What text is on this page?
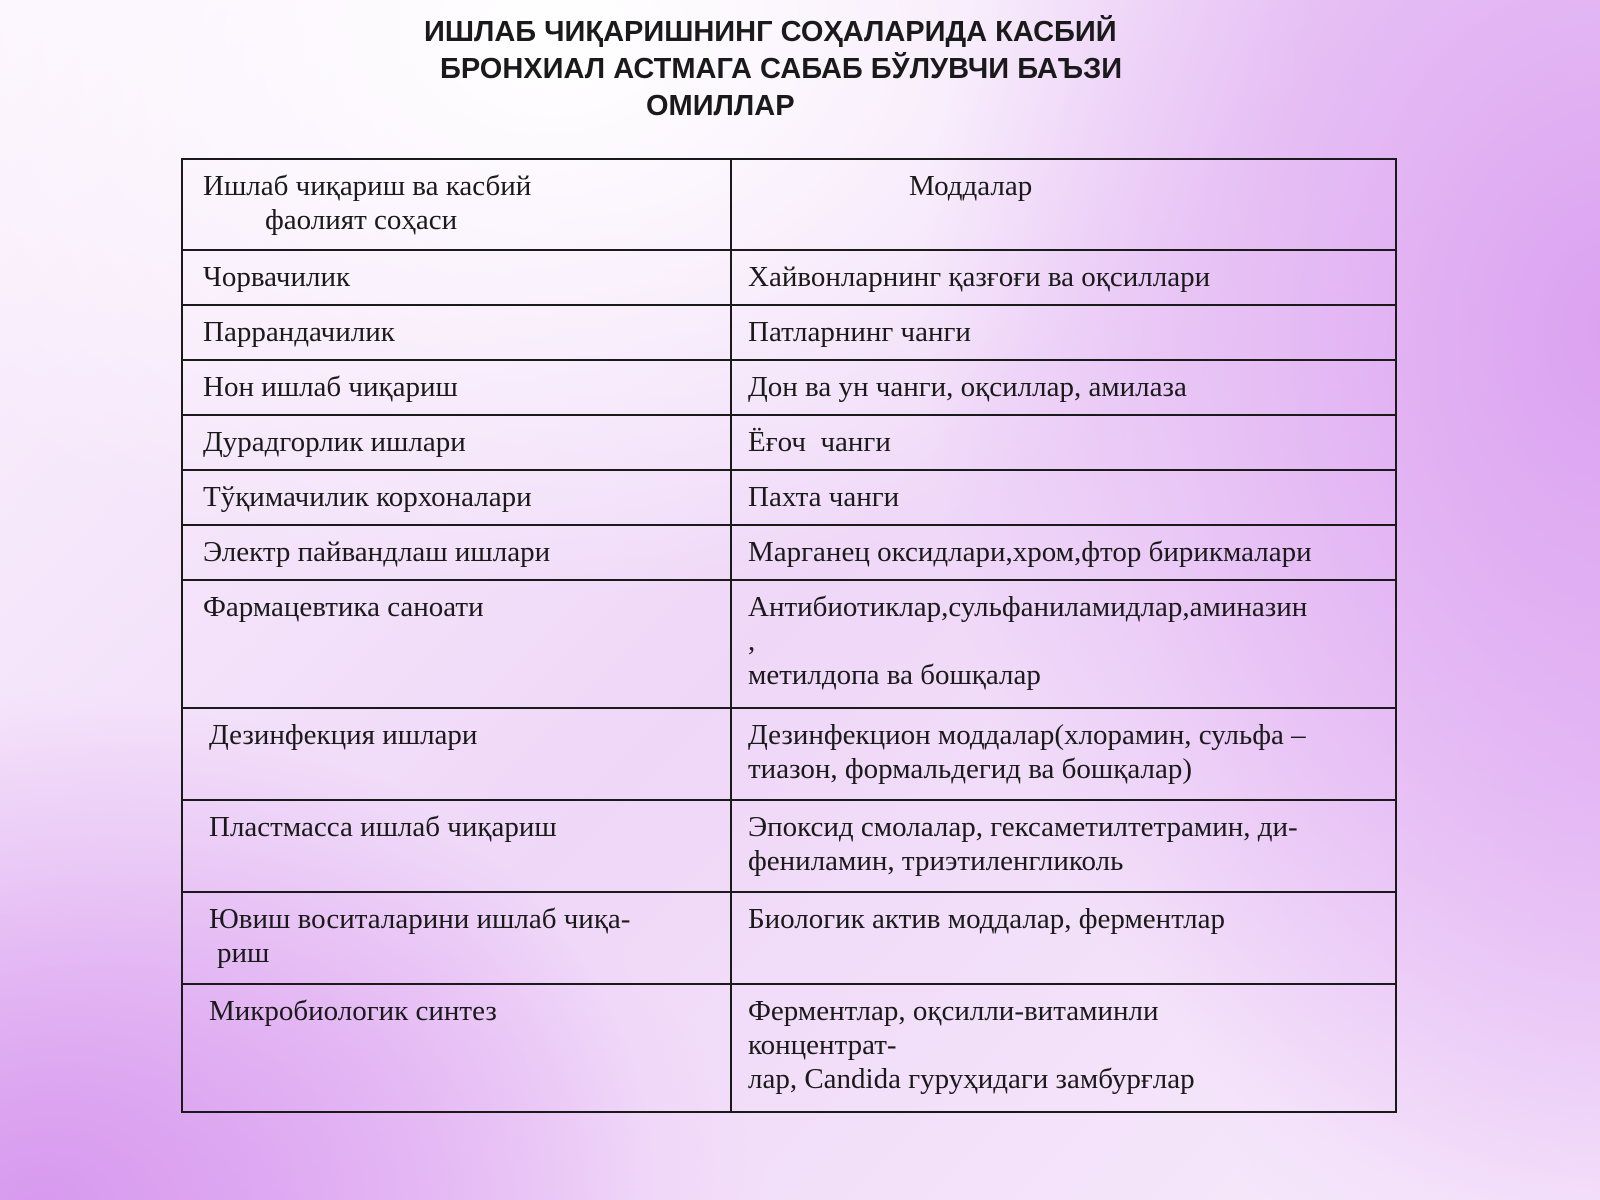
ИШЛАБ ЧИҚАРИШНИНГ СОҲАЛАРИДА КАСБИЙ
БРОНХИАЛ АСТМАГА САБАБ БЎЛУВЧИ БАЪЗИ
ОМИЛЛАР
Ишлаб чиқариш ва касбий
фаолият соҳаси	Моддалар

Чорвачилик	Хайвонларнинг қазғоғи ва оқсиллари

Паррандачилик	Патларнинг чанги

Нон ишлаб чиқариш	Дон ва ун чанги, оқсиллар, амилаза

Дурадгорлик ишлари	Ёғоч  чанги

Тўқимачилик корхоналари	Пахта чанги

Электр пайвандлаш ишлари	Марганец оксидлари,хром,фтор бирикмалари

Фармацевтика саноати	Антибиотиклар,сульфаниламидлар,аминазин
,
метилдопа ва бошқалар

Дезинфекция ишлари	Дезинфекцион моддалар(хлорамин, сульфа –
тиазон, формальдегид ва бошқалар)

Пластмасса ишлаб чиқариш	Эпоксид смолалар, гексаметилтетрамин, ди-
фениламин, триэтиленгликоль

Ювиш воситаларини ишлаб чиқа-
риш	Биологик актив моддалар, ферментлар

Микробиологик синтез	Ферментлар, оқсилли-витаминли
концентрат-
лар, Candida гуруҳидаги замбурғлар
